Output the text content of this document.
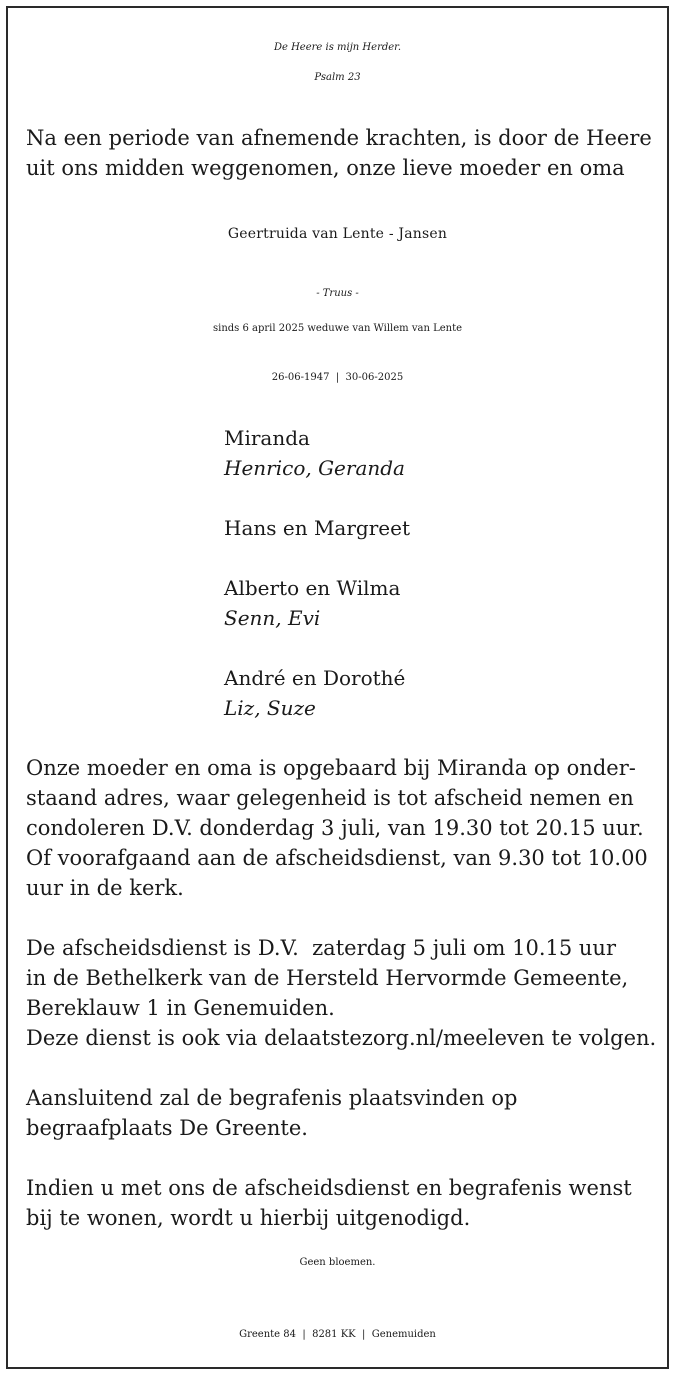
De Heere is mijn Herder.
Psalm 23
Na een periode van afnemende krachten, is door de Heere
uit ons midden weggenomen, onze lieve moeder en oma
Geertruida van Lente - Jansen
- Truus -
sinds 6 april 2025 weduwe van Willem van Lente
26-06-1947  |  30-06-2025
Miranda
Henrico, Geranda
Hans en Margreet
Alberto en Wilma
Senn, Evi
André en Dorothé
Liz, Suze
Onze moeder en oma is opgebaard bij Miranda op onder-
staand adres, waar gelegenheid is tot afscheid nemen en
condoleren D.V. donderdag 3 juli, van 19.30 tot 20.15 uur.
Of voorafgaand aan de afscheidsdienst, van 9.30 tot 10.00
uur in de kerk.
De afscheidsdienst is D.V.  zaterdag 5 juli om 10.15 uur
in de Bethelkerk van de Hersteld Hervormde Gemeente,
Bereklauw 1 in Genemuiden.
Deze dienst is ook via delaatstezorg.nl/meeleven te volgen.
Aansluitend zal de begrafenis plaatsvinden op
begraafplaats De Greente.
Indien u met ons de afscheidsdienst en begrafenis wenst
bij te wonen, wordt u hierbij uitgenodigd.
Geen bloemen.
Greente 84  |  8281 KK  |  Genemuiden
